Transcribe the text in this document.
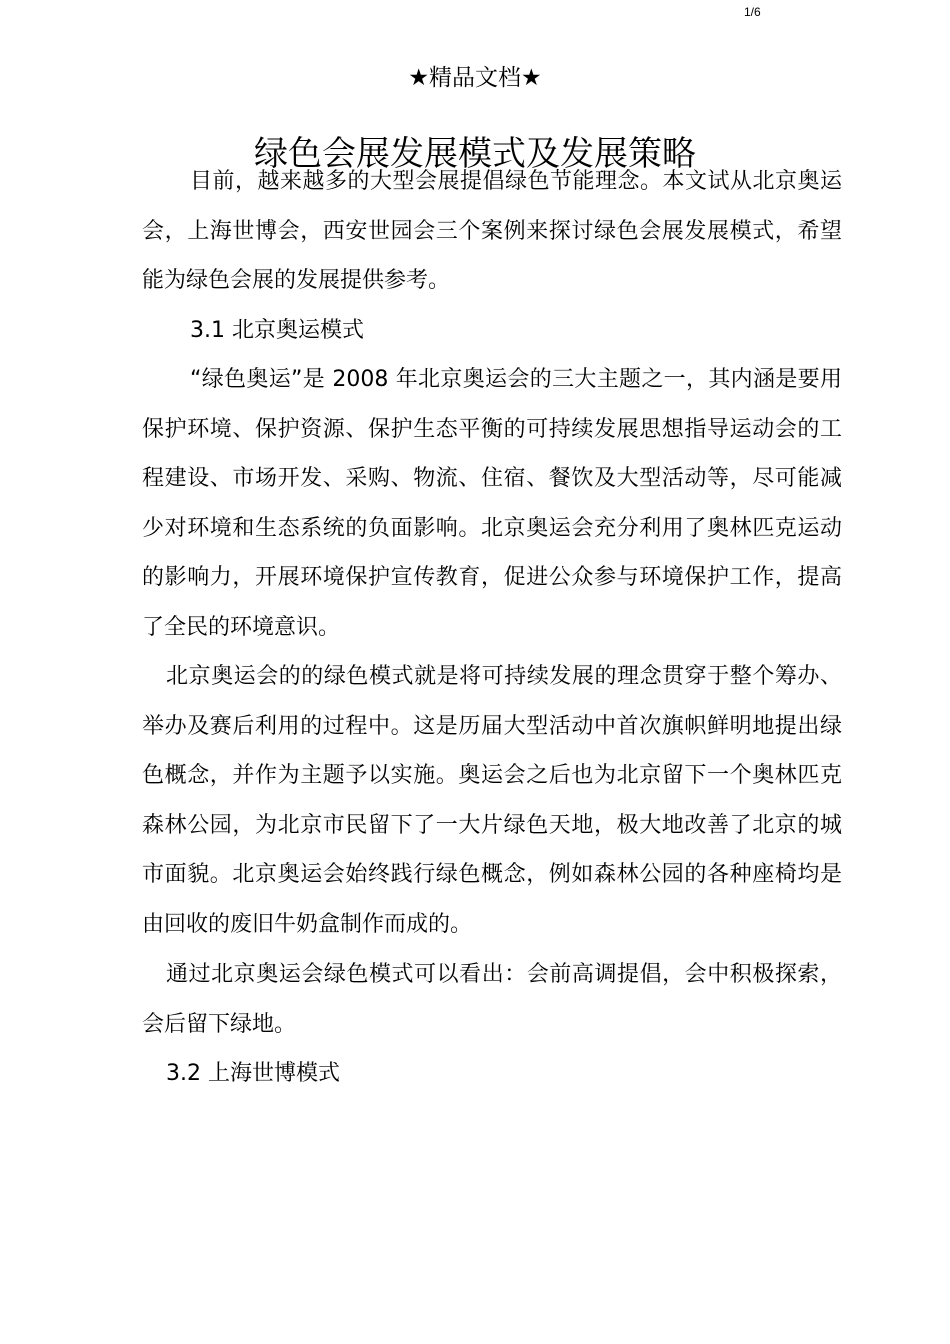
1/6
★精品文档★
绿色会展发展模式及发展策略

目前，越来越多的大型会展提倡绿色节能理念。本文试从北京奥运会，上海世博会，西安世园会三个案例来探讨绿色会展发展模式，希望能为绿色会展的发展提供参考。

3.1 北京奥运模式

“绿色奥运”是 2008 年北京奥运会的三大主题之一，其内涵是要用保护环境、保护资源、保护生态平衡的可持续发展思想指导运动会的工程建设、市场开发、采购、物流、住宿、餐饮及大型活动等，尽可能减少对环境和生态系统的负面影响。北京奥运会充分利用了奥林匹克运动的影响力，开展环境保护宣传教育，促进公众参与环境保护工作，提高了全民的环境意识。

北京奥运会的的绿色模式就是将可持续发展的理念贯穿于整个筹办、举办及赛后利用的过程中。这是历届大型活动中首次旗帜鲜明地提出绿色概念，并作为主题予以实施。奥运会之后也为北京留下一个奥林匹克森林公园，为北京市民留下了一大片绿色天地，极大地改善了北京的城市面貌。北京奥运会始终践行绿色概念，例如森林公园的各种座椅均是由回收的废旧牛奶盒制作而成的。

通过北京奥运会绿色模式可以看出：会前高调提倡，会中积极探索，会后留下绿地。

3.2 上海世博模式
